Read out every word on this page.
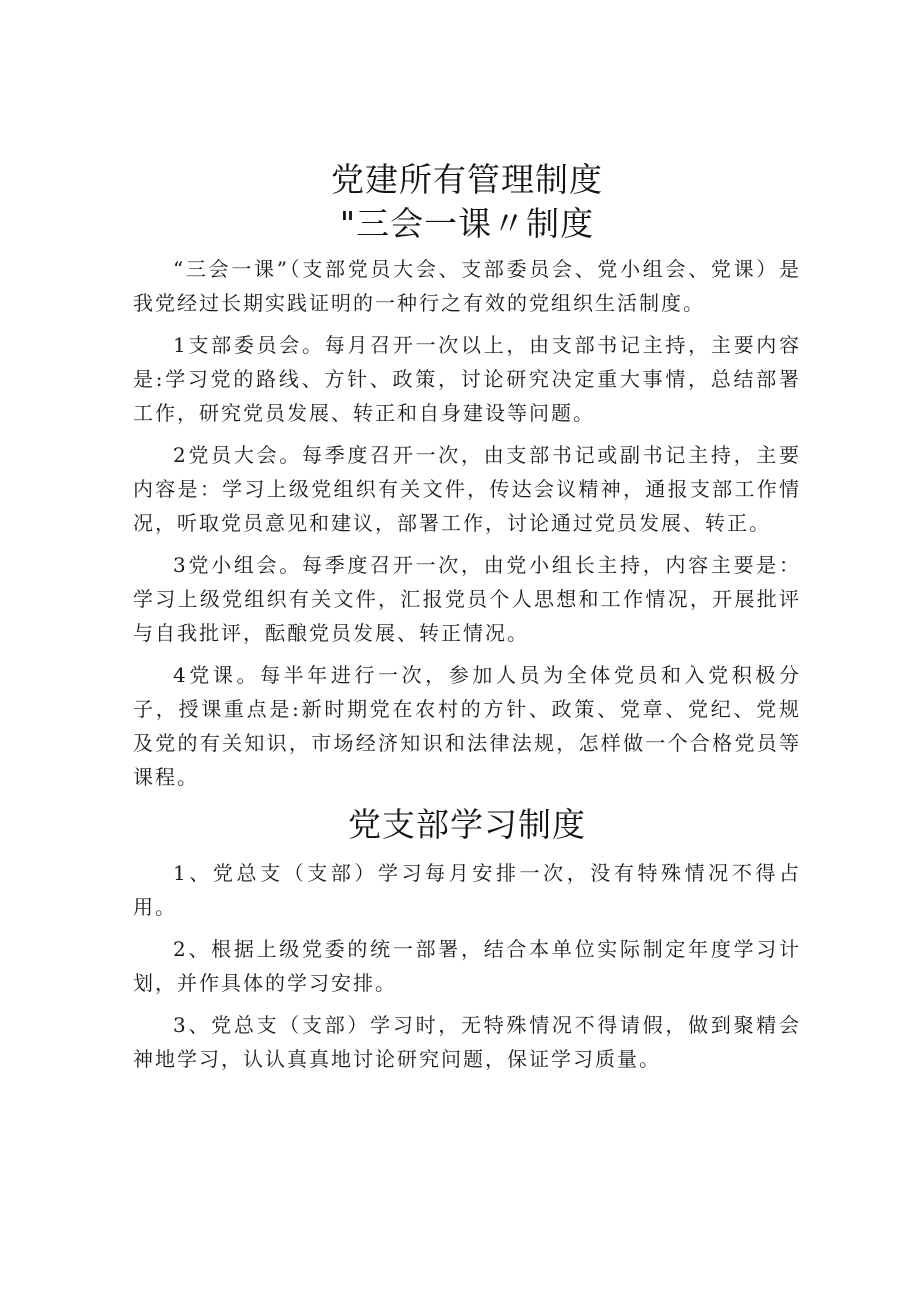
党建所有管理制度
"三会一课〃制度

“三会一课”（支部党员大会、支部委员会、党小组会、党课）是我党经过长期实践证明的一种行之有效的党组织生活制度。

1支部委员会。每月召开一次以上，由支部书记主持，主要内容是:学习党的路线、方针、政策，讨论研究决定重大事情，总结部署工作，研究党员发展、转正和自身建设等问题。

2党员大会。每季度召开一次，由支部书记或副书记主持，主要内容是：学习上级党组织有关文件，传达会议精神，通报支部工作情况，听取党员意见和建议，部署工作，讨论通过党员发展、转正。

3党小组会。每季度召开一次，由党小组长主持，内容主要是：学习上级党组织有关文件，汇报党员个人思想和工作情况，开展批评与自我批评，酝酿党员发展、转正情况。

4党课。每半年进行一次，参加人员为全体党员和入党积极分子，授课重点是:新时期党在农村的方针、政策、党章、党纪、党规及党的有关知识，市场经济知识和法律法规，怎样做一个合格党员等课程。

党支部学习制度

1、党总支（支部）学习每月安排一次，没有特殊情况不得占用。

2、根据上级党委的统一部署，结合本单位实际制定年度学习计划，并作具体的学习安排。

3、党总支（支部）学习时，无特殊情况不得请假，做到聚精会神地学习，认认真真地讨论研究问题，保证学习质量。
